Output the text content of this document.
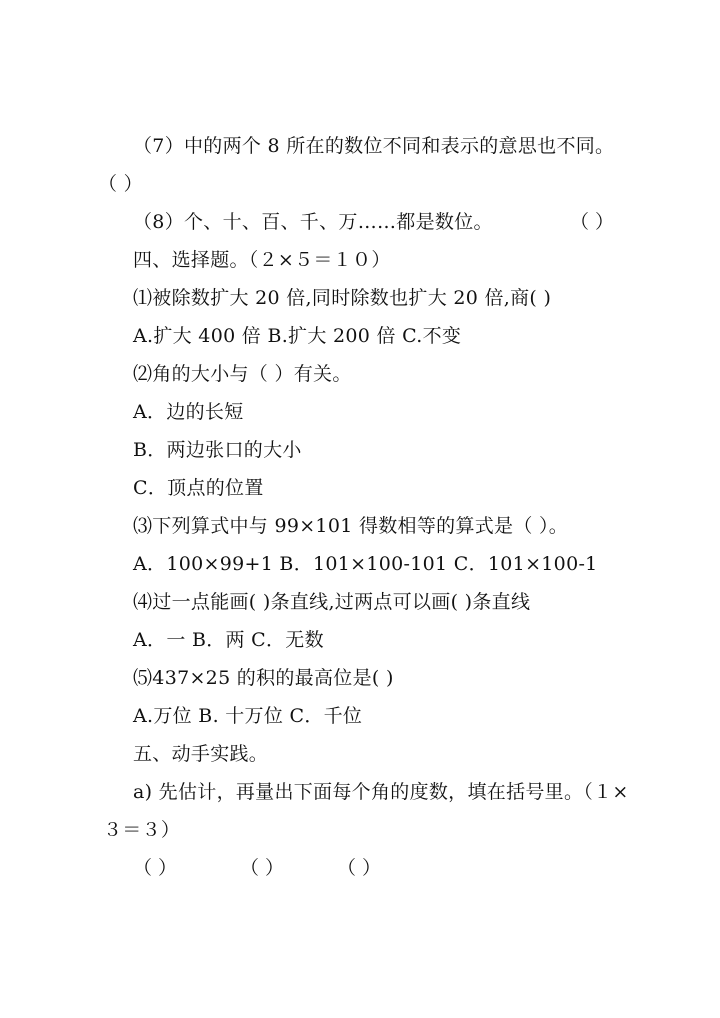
（7）中的两个 8 所在的数位不同和表示的意思也不同。
（ ）
（8）个、十、百、千、万……都是数位。	（ ）
四、选择题。（２×５＝１０）
⑴被除数扩大 20 倍,同时除数也扩大 20 倍,商( )
A.扩大 400 倍 B.扩大 200 倍 C.不变
⑵角的大小与（ ）有关。
A．边的长短
B．两边张口的大小
C．顶点的位置
⑶下列算式中与 99×101 得数相等的算式是（ ）。
A．100×99+1 B．101×100-101 C．101×100-1
⑷过一点能画( )条直线,过两点可以画( )条直线
A．一 B．两 C．无数
⑸437×25 的积的最高位是( )
A.万位 B. 十万位 C．千位
五、动手实践。
a) 先估计，再量出下面每个角的度数，填在括号里。（１×
３＝３）
（ ）	（ ）	（ ）
